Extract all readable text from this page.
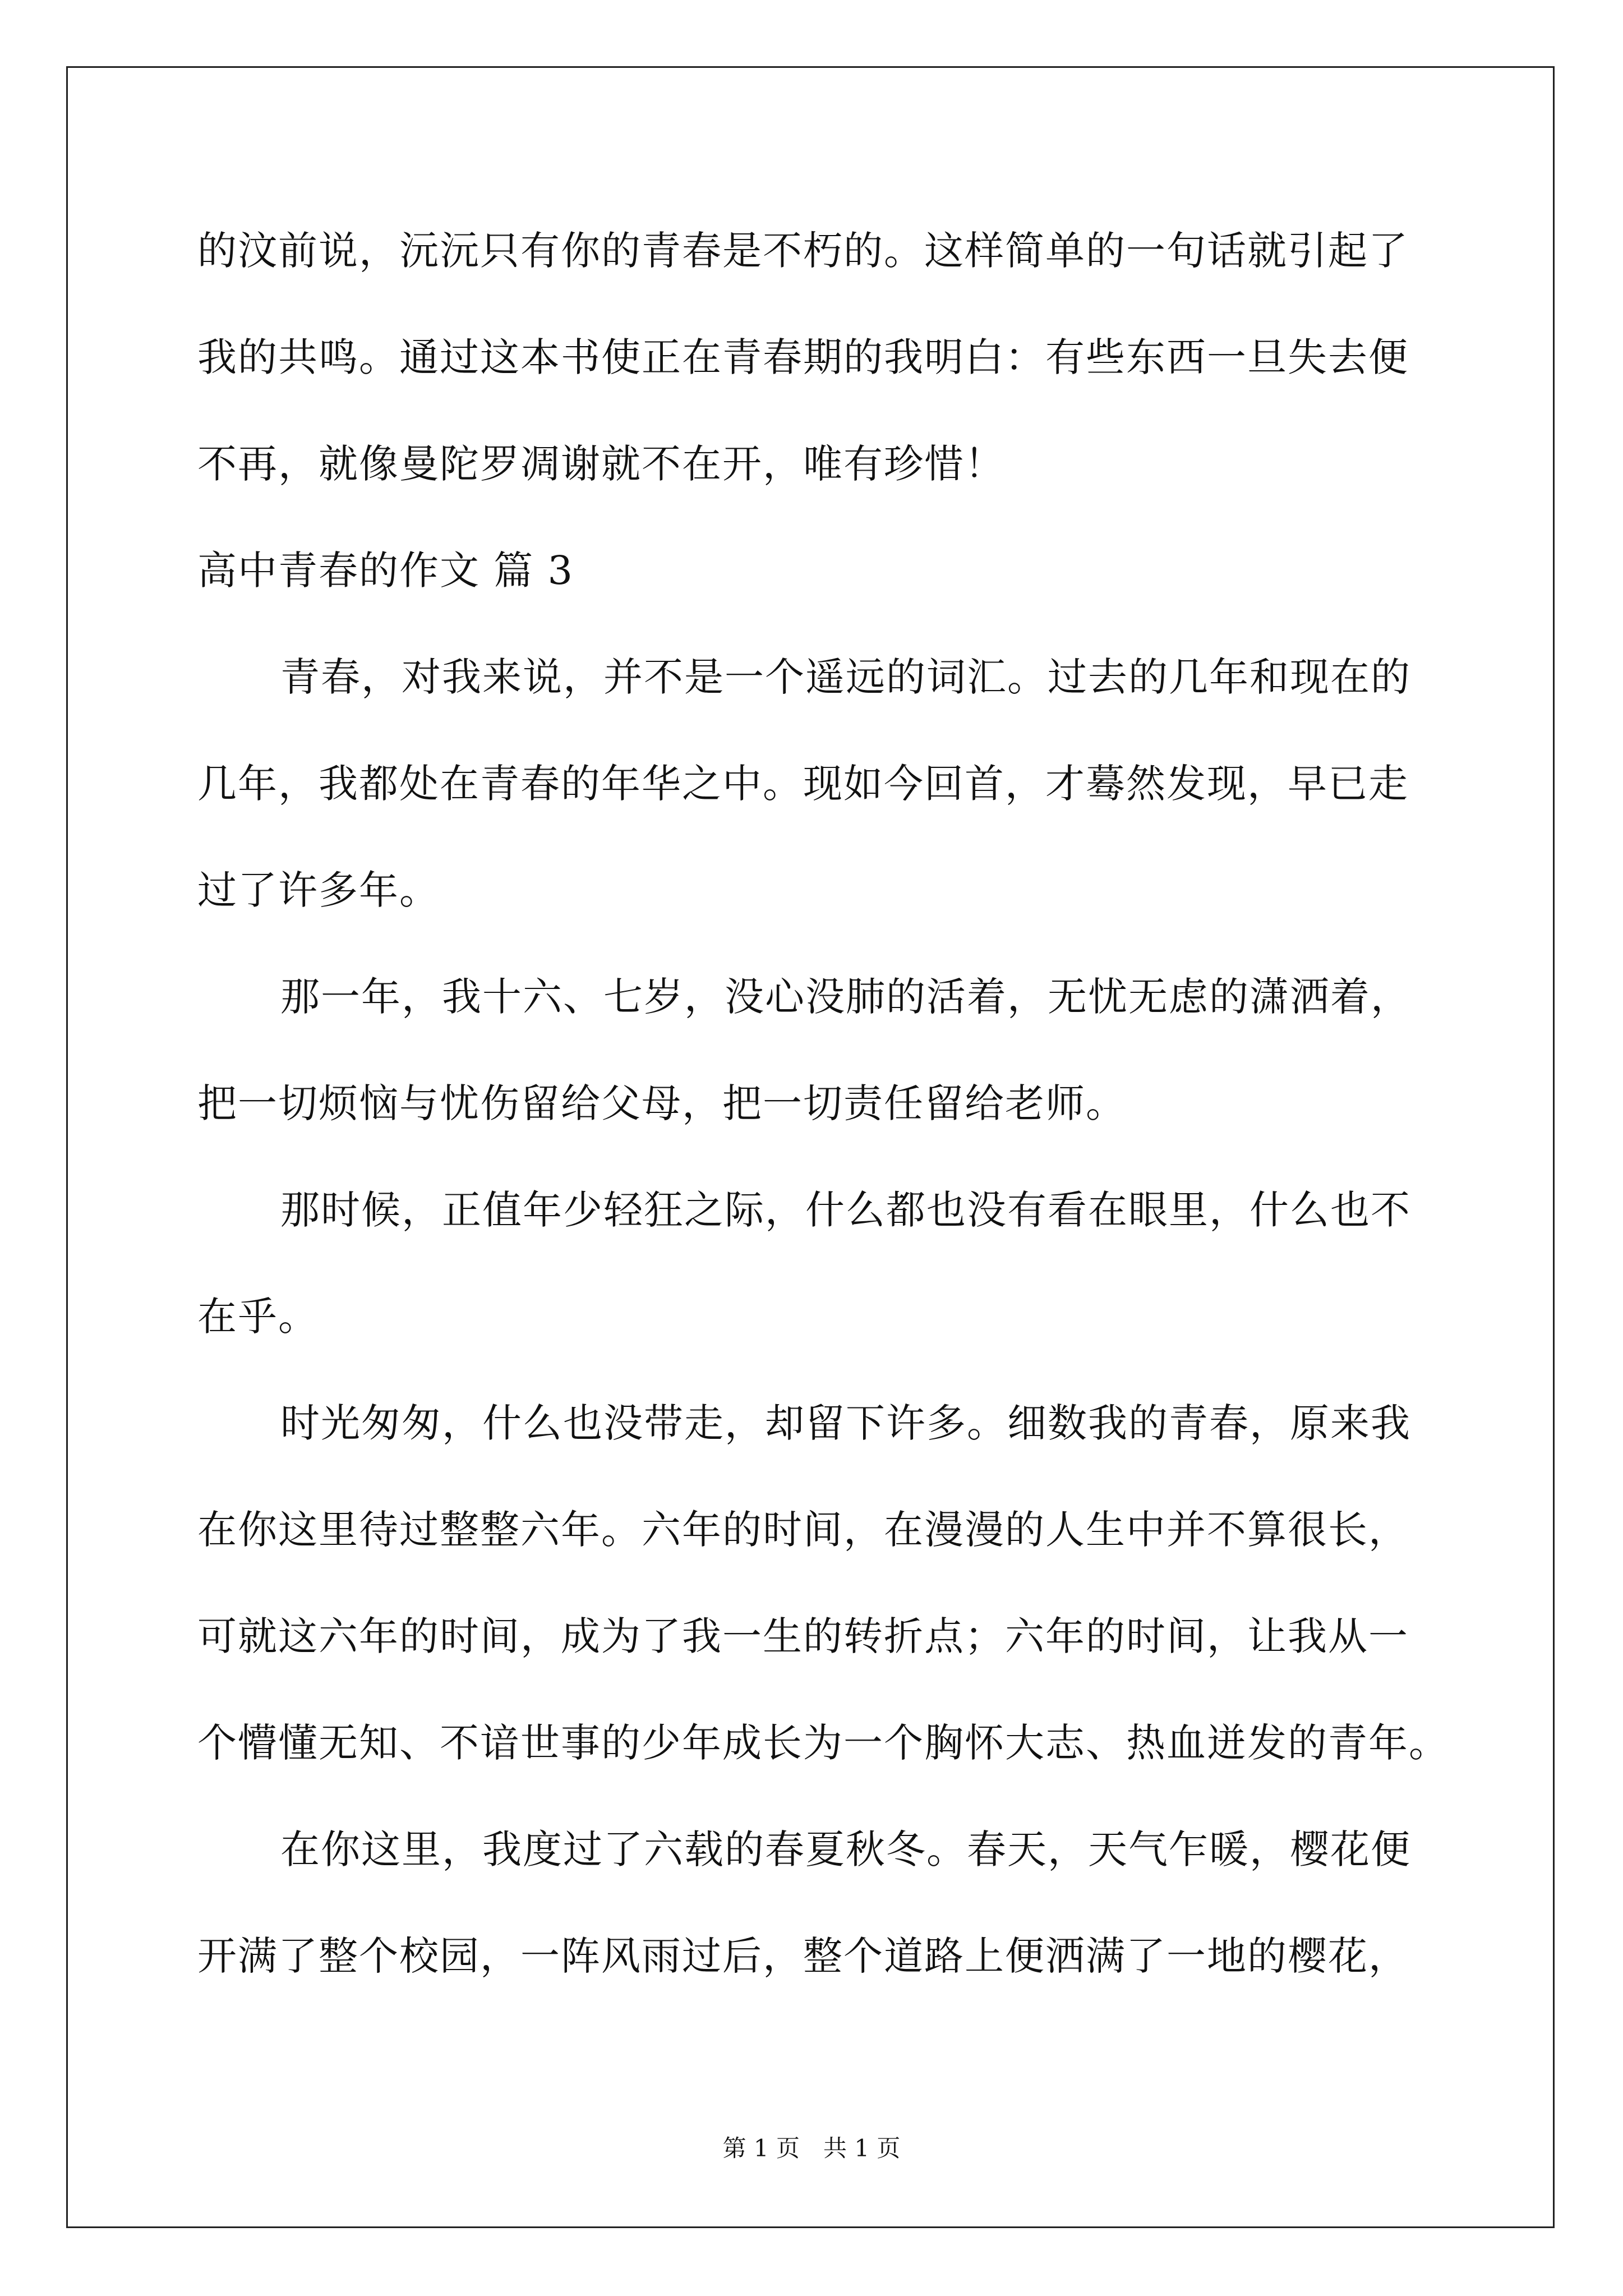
的汶前说，沅沅只有你的青春是不朽的。这样简单的一句话就引起了
我的共鸣。通过这本书使正在青春期的我明白：有些东西一旦失去便
不再，就像曼陀罗凋谢就不在开，唯有珍惜！
高中青春的作文 篇 3
青春，对我来说，并不是一个遥远的词汇。过去的几年和现在的
几年，我都处在青春的年华之中。现如今回首，才蓦然发现，早已走
过了许多年。
那一年，我十六、七岁，没心没肺的活着，无忧无虑的潇洒着，
把一切烦恼与忧伤留给父母，把一切责任留给老师。
那时候，正值年少轻狂之际，什么都也没有看在眼里，什么也不
在乎。
时光匆匆，什么也没带走，却留下许多。细数我的青春，原来我
在你这里待过整整六年。六年的时间，在漫漫的人生中并不算很长，
可就这六年的时间，成为了我一生的转折点；六年的时间，让我从一
个懵懂无知、不谙世事的少年成长为一个胸怀大志、热血迸发的青年。
在你这里，我度过了六载的春夏秋冬。春天，天气乍暖，樱花便
开满了整个校园，一阵风雨过后，整个道路上便洒满了一地的樱花，
第 1 页　共 1 页
